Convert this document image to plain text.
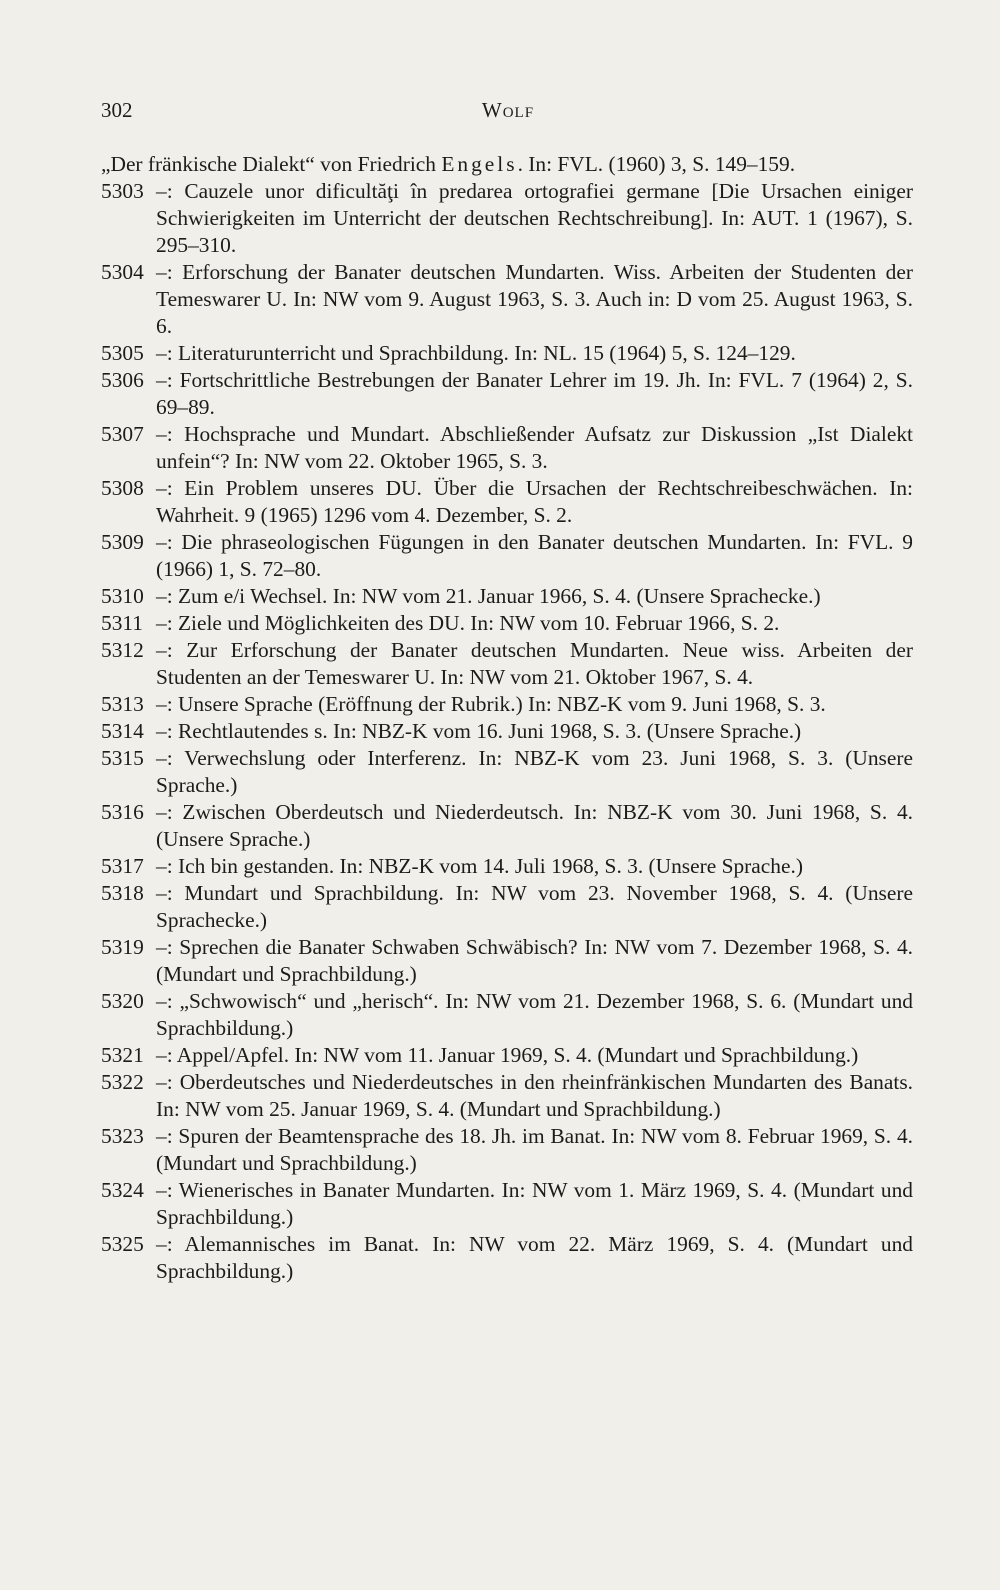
302	Wolf
„Der fränkische Dialekt“ von Friedrich Engels. In: FVL. (1960) 3, S. 149–159.
5303 –: Cauzele unor dificultăţi în predarea ortografiei germane [Die Ursachen einiger Schwierigkeiten im Unterricht der deutschen Rechtschreibung]. In: AUT. 1 (1967), S. 295–310.
5304 –: Erforschung der Banater deutschen Mundarten. Wiss. Arbeiten der Studenten der Temeswarer U. In: NW vom 9. August 1963, S. 3. Auch in: D vom 25. August 1963, S. 6.
5305 –: Literaturunterricht und Sprachbildung. In: NL. 15 (1964) 5, S. 124–129.
5306 –: Fortschrittliche Bestrebungen der Banater Lehrer im 19. Jh. In: FVL. 7 (1964) 2, S. 69–89.
5307 –: Hochsprache und Mundart. Abschließender Aufsatz zur Diskussion „Ist Dialekt unfein“? In: NW vom 22. Oktober 1965, S. 3.
5308 –: Ein Problem unseres DU. Über die Ursachen der Rechtschreibeschwächen. In: Wahrheit. 9 (1965) 1296 vom 4. Dezember, S. 2.
5309 –: Die phraseologischen Fügungen in den Banater deutschen Mundarten. In: FVL. 9 (1966) 1, S. 72–80.
5310 –: Zum e/i Wechsel. In: NW vom 21. Januar 1966, S. 4. (Unsere Sprachecke.)
5311 –: Ziele und Möglichkeiten des DU. In: NW vom 10. Februar 1966, S. 2.
5312 –: Zur Erforschung der Banater deutschen Mundarten. Neue wiss. Arbeiten der Studenten an der Temeswarer U. In: NW vom 21. Oktober 1967, S. 4.
5313 –: Unsere Sprache (Eröffnung der Rubrik.) In: NBZ-K vom 9. Juni 1968, S. 3.
5314 –: Rechtlautendes s. In: NBZ-K vom 16. Juni 1968, S. 3. (Unsere Sprache.)
5315 –: Verwechslung oder Interferenz. In: NBZ-K vom 23. Juni 1968, S. 3. (Unsere Sprache.)
5316 –: Zwischen Oberdeutsch und Niederdeutsch. In: NBZ-K vom 30. Juni 1968, S. 4. (Unsere Sprache.)
5317 –: Ich bin gestanden. In: NBZ-K vom 14. Juli 1968, S. 3. (Unsere Sprache.)
5318 –: Mundart und Sprachbildung. In: NW vom 23. November 1968, S. 4. (Unsere Sprachecke.)
5319 –: Sprechen die Banater Schwaben Schwäbisch? In: NW vom 7. Dezember 1968, S. 4. (Mundart und Sprachbildung.)
5320 –: „Schwowisch“ und „herisch“. In: NW vom 21. Dezember 1968, S. 6. (Mundart und Sprachbildung.)
5321 –: Appel/Apfel. In: NW vom 11. Januar 1969, S. 4. (Mundart und Sprachbildung.)
5322 –: Oberdeutsches und Niederdeutsches in den rheinfränkischen Mundarten des Banats. In: NW vom 25. Januar 1969, S. 4. (Mundart und Sprachbildung.)
5323 –: Spuren der Beamtensprache des 18. Jh. im Banat. In: NW vom 8. Februar 1969, S. 4. (Mundart und Sprachbildung.)
5324 –: Wienerisches in Banater Mundarten. In: NW vom 1. März 1969, S. 4. (Mundart und Sprachbildung.)
5325 –: Alemannisches im Banat. In: NW vom 22. März 1969, S. 4. (Mundart und Sprachbildung.)
